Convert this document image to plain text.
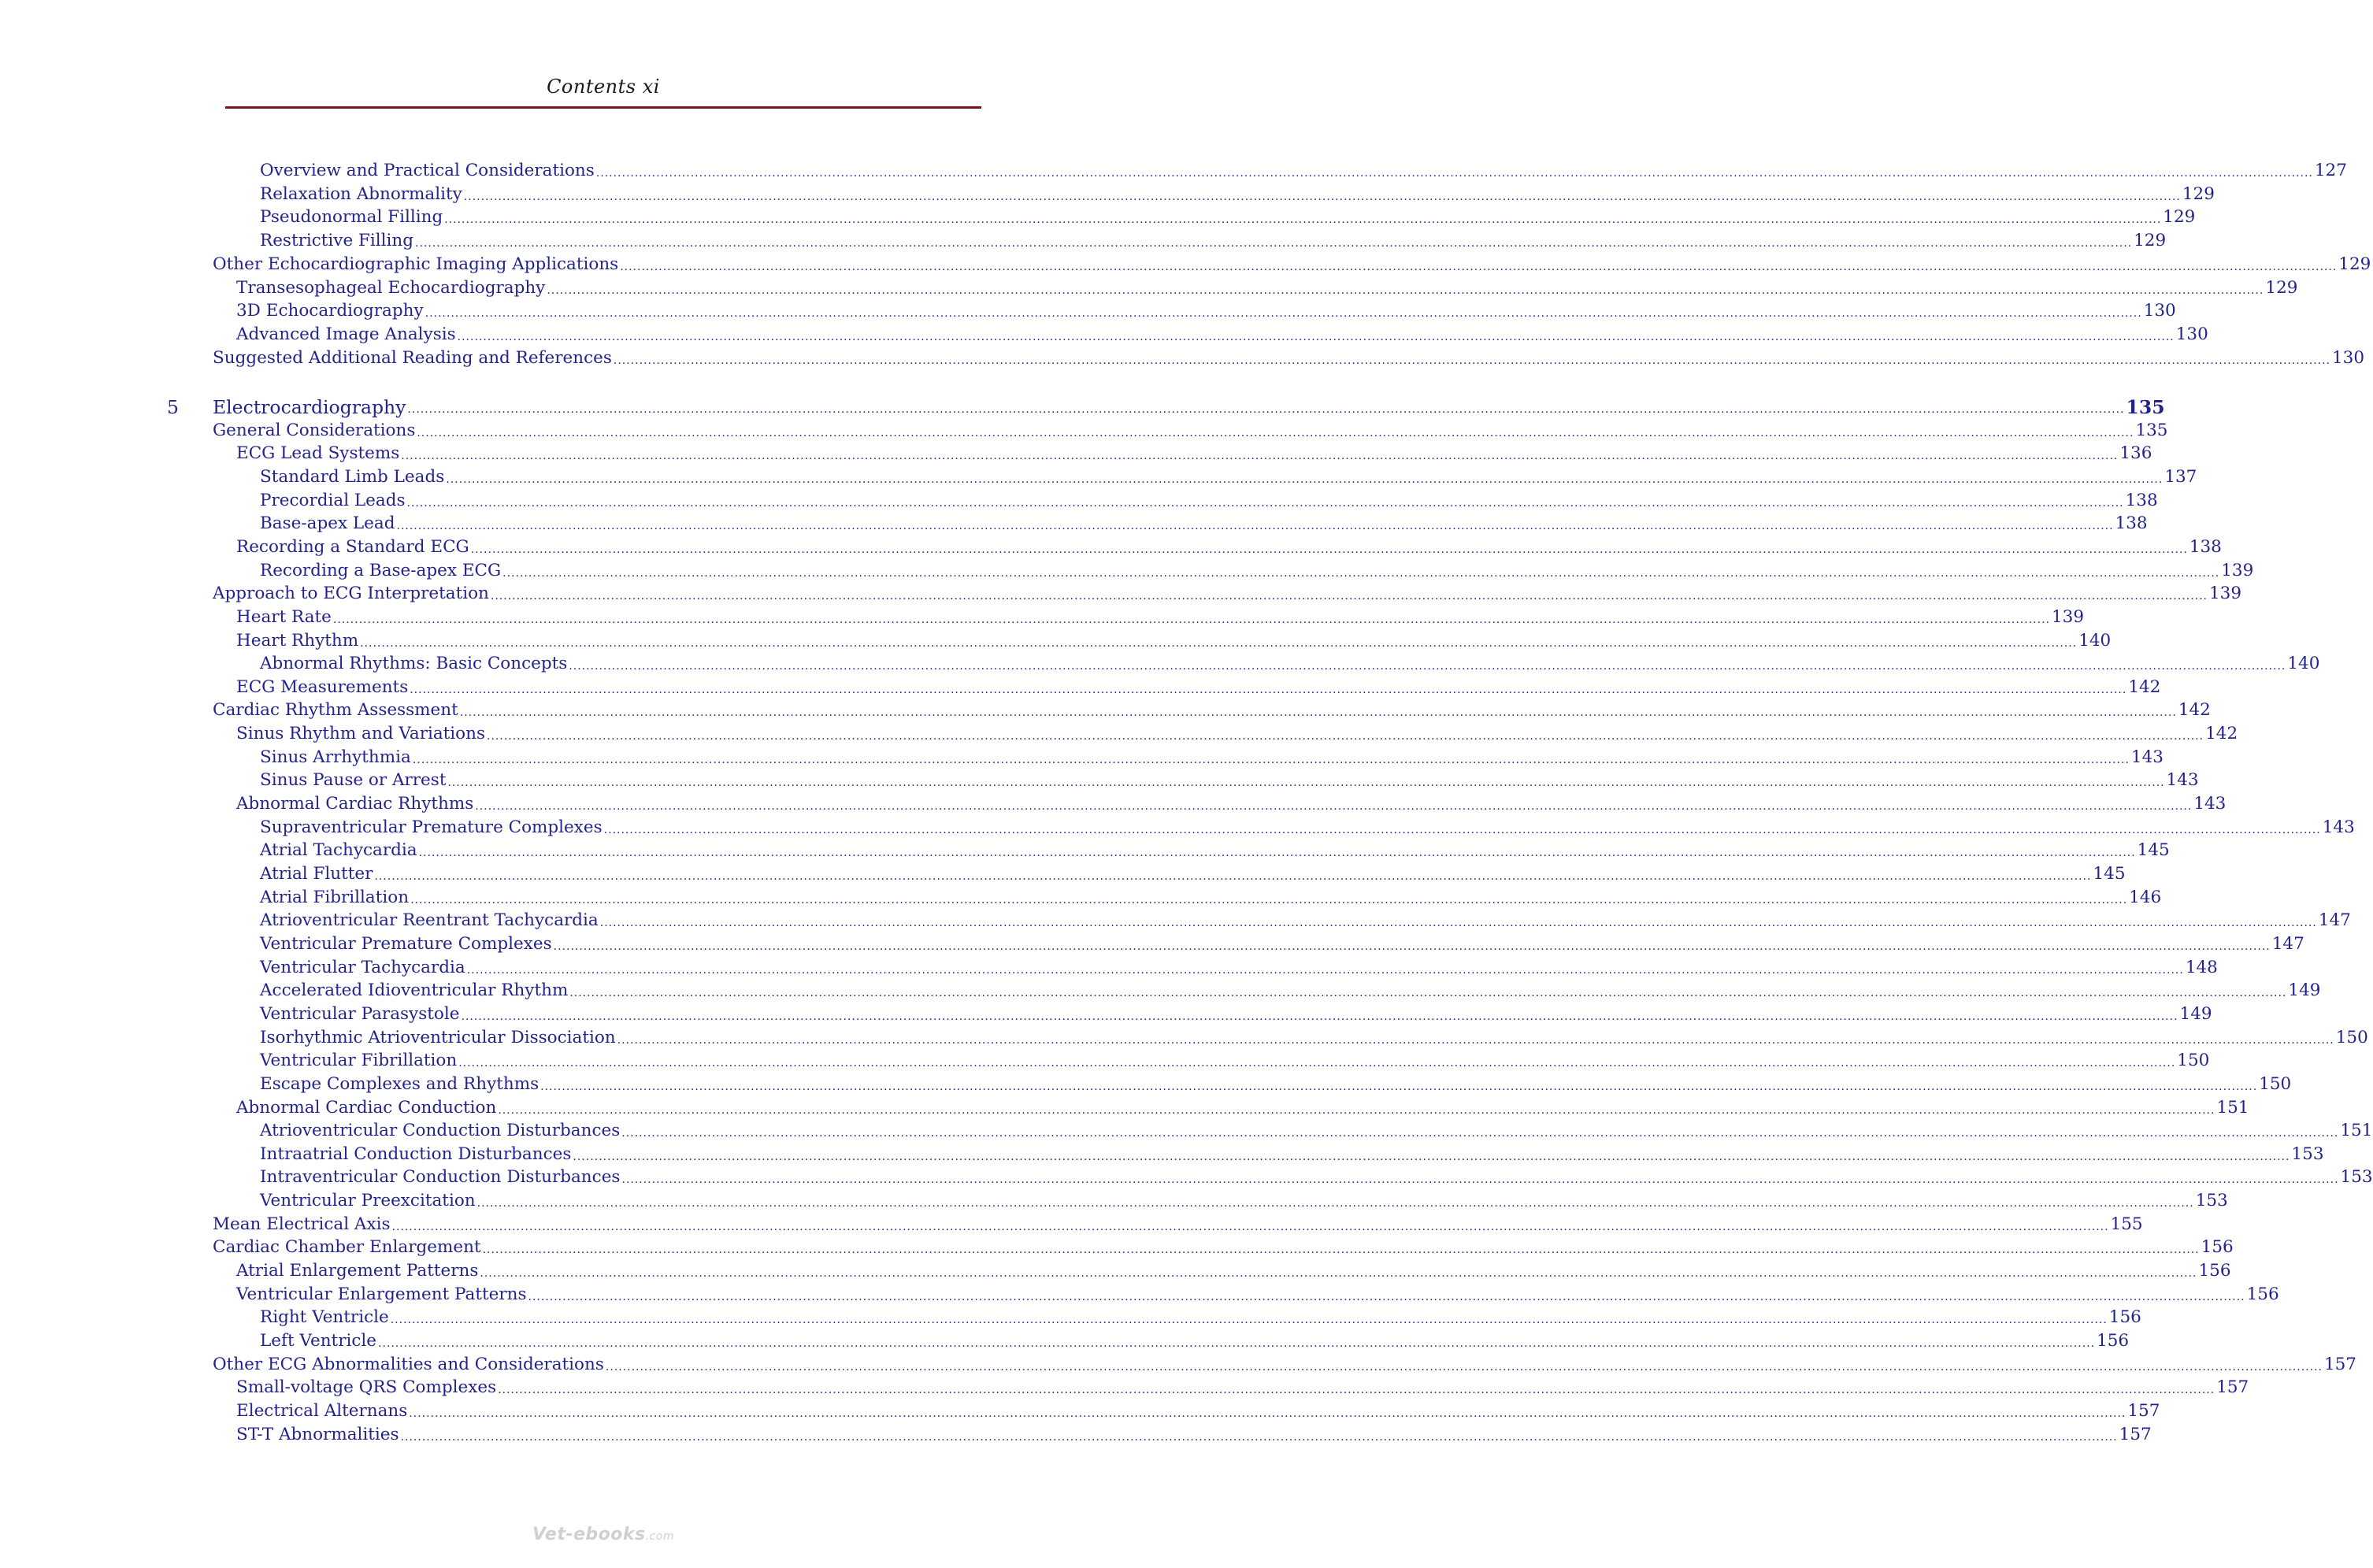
Contents xi
Overview and Practical Considerations ................................................................................................................................................................................................................................................................................................................................................................................................................ 127
Relaxation Abnormality ................................................................................................................................................................................................................................................................................................................................................................................................................ 129
Pseudonormal Filling ................................................................................................................................................................................................................................................................................................................................................................................................................ 129
Restrictive Filling ................................................................................................................................................................................................................................................................................................................................................................................................................ 129
Other Echocardiographic Imaging Applications ................................................................................................................................................................................................................................................................................................................................................................................................................ 129
Transesophageal Echocardiography ................................................................................................................................................................................................................................................................................................................................................................................................................ 129
3D Echocardiography ................................................................................................................................................................................................................................................................................................................................................................................................................ 130
Advanced Image Analysis ................................................................................................................................................................................................................................................................................................................................................................................................................ 130
Suggested Additional Reading and References ................................................................................................................................................................................................................................................................................................................................................................................................................ 130
Electrocardiography ................................................................................................................................................................................................................................................................................................................................................................................................................ 135
5
General Considerations ................................................................................................................................................................................................................................................................................................................................................................................................................ 135
ECG Lead Systems ................................................................................................................................................................................................................................................................................................................................................................................................................ 136
Standard Limb Leads ................................................................................................................................................................................................................................................................................................................................................................................................................ 137
Precordial Leads ................................................................................................................................................................................................................................................................................................................................................................................................................ 138
Base-apex Lead ................................................................................................................................................................................................................................................................................................................................................................................................................ 138
Recording a Standard ECG ................................................................................................................................................................................................................................................................................................................................................................................................................ 138
Recording a Base-apex ECG ................................................................................................................................................................................................................................................................................................................................................................................................................ 139
Approach to ECG Interpretation ................................................................................................................................................................................................................................................................................................................................................................................................................ 139
Heart Rate ................................................................................................................................................................................................................................................................................................................................................................................................................ 139
Heart Rhythm ................................................................................................................................................................................................................................................................................................................................................................................................................ 140
Abnormal Rhythms: Basic Concepts ................................................................................................................................................................................................................................................................................................................................................................................................................ 140
ECG Measurements ................................................................................................................................................................................................................................................................................................................................................................................................................ 142
Cardiac Rhythm Assessment ................................................................................................................................................................................................................................................................................................................................................................................................................ 142
Sinus Rhythm and Variations ................................................................................................................................................................................................................................................................................................................................................................................................................ 142
Sinus Arrhythmia ................................................................................................................................................................................................................................................................................................................................................................................................................ 143
Sinus Pause or Arrest ................................................................................................................................................................................................................................................................................................................................................................................................................ 143
Abnormal Cardiac Rhythms ................................................................................................................................................................................................................................................................................................................................................................................................................ 143
Supraventricular Premature Complexes ................................................................................................................................................................................................................................................................................................................................................................................................................ 143
Atrial Tachycardia ................................................................................................................................................................................................................................................................................................................................................................................................................ 145
Atrial Flutter ................................................................................................................................................................................................................................................................................................................................................................................................................ 145
Atrial Fibrillation ................................................................................................................................................................................................................................................................................................................................................................................................................ 146
Atrioventricular Reentrant Tachycardia ................................................................................................................................................................................................................................................................................................................................................................................................................ 147
Ventricular Premature Complexes ................................................................................................................................................................................................................................................................................................................................................................................................................ 147
Ventricular Tachycardia ................................................................................................................................................................................................................................................................................................................................................................................................................ 148
Accelerated Idioventricular Rhythm ................................................................................................................................................................................................................................................................................................................................................................................................................ 149
Ventricular Parasystole ................................................................................................................................................................................................................................................................................................................................................................................................................ 149
Isorhythmic Atrioventricular Dissociation ................................................................................................................................................................................................................................................................................................................................................................................................................ 150
Ventricular Fibrillation ................................................................................................................................................................................................................................................................................................................................................................................................................ 150
Escape Complexes and Rhythms ................................................................................................................................................................................................................................................................................................................................................................................................................ 150
Abnormal Cardiac Conduction ................................................................................................................................................................................................................................................................................................................................................................................................................ 151
Atrioventricular Conduction Disturbances ................................................................................................................................................................................................................................................................................................................................................................................................................ 151
Intraatrial Conduction Disturbances ................................................................................................................................................................................................................................................................................................................................................................................................................ 153
Intraventricular Conduction Disturbances ................................................................................................................................................................................................................................................................................................................................................................................................................ 153
Ventricular Preexcitation ................................................................................................................................................................................................................................................................................................................................................................................................................ 153
Mean Electrical Axis ................................................................................................................................................................................................................................................................................................................................................................................................................ 155
Cardiac Chamber Enlargement ................................................................................................................................................................................................................................................................................................................................................................................................................ 156
Atrial Enlargement Patterns ................................................................................................................................................................................................................................................................................................................................................................................................................ 156
Ventricular Enlargement Patterns ................................................................................................................................................................................................................................................................................................................................................................................................................ 156
Right Ventricle ................................................................................................................................................................................................................................................................................................................................................................................................................ 156
Left Ventricle ................................................................................................................................................................................................................................................................................................................................................................................................................ 156
Other ECG Abnormalities and Considerations ................................................................................................................................................................................................................................................................................................................................................................................................................ 157
Small-voltage QRS Complexes ................................................................................................................................................................................................................................................................................................................................................................................................................ 157
Electrical Alternans ................................................................................................................................................................................................................................................................................................................................................................................................................ 157
ST-T Abnormalities ................................................................................................................................................................................................................................................................................................................................................................................................................ 157
Vet-ebooks.com
